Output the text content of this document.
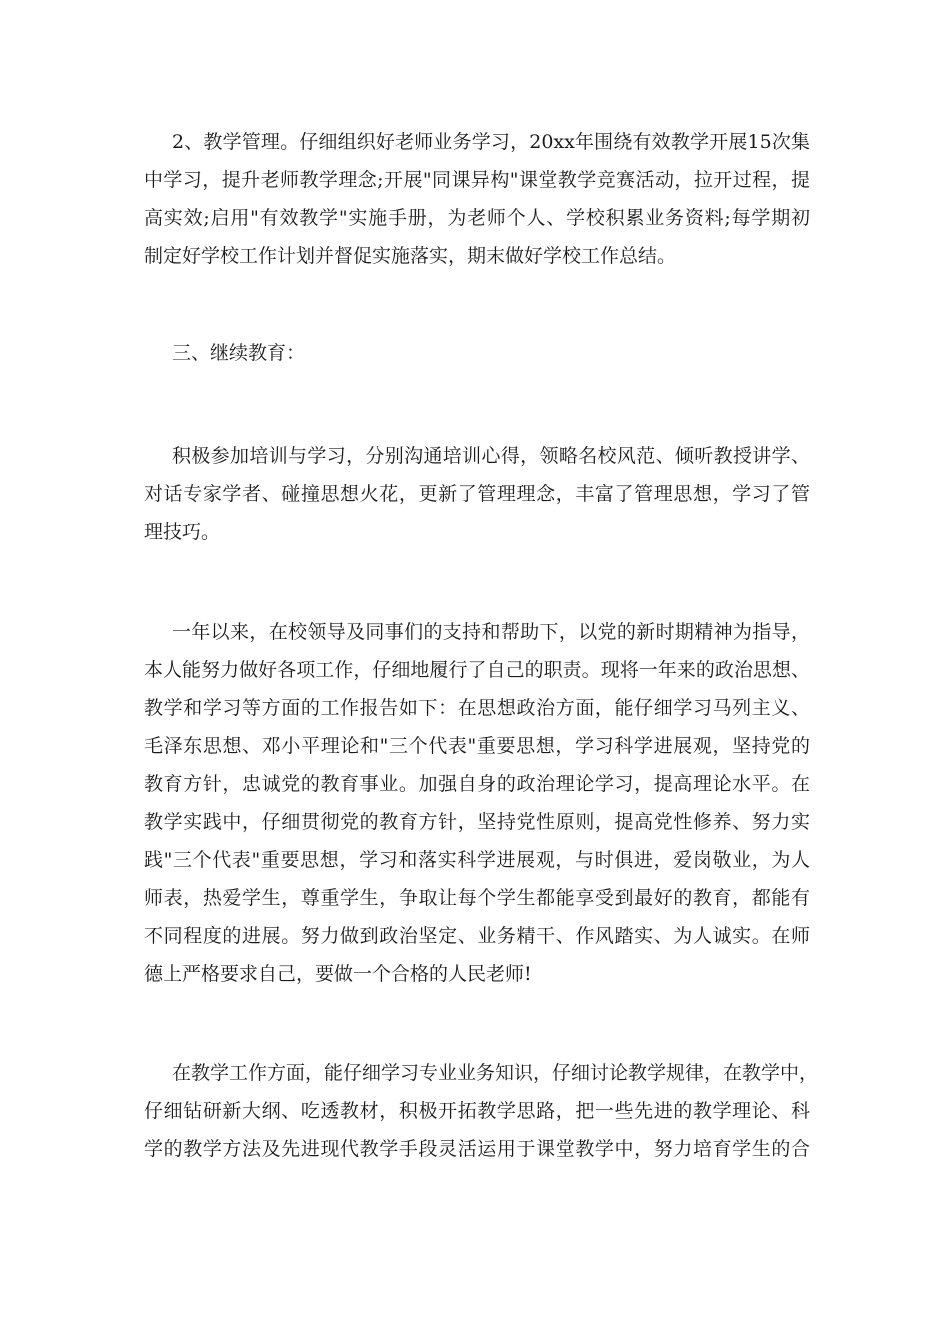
2、教学管理。仔细组织好老师业务学习，20xx年围绕有效教学开展15次集
中学习，提升老师教学理念;开展"同课异构"课堂教学竞赛活动，拉开过程，提
高实效;启用"有效教学"实施手册，为老师个人、学校积累业务资料;每学期初
制定好学校工作计划并督促实施落实，期末做好学校工作总结。
三、继续教育：
积极参加培训与学习，分别沟通培训心得，领略名校风范、倾听教授讲学、
对话专家学者、碰撞思想火花，更新了管理理念，丰富了管理思想，学习了管
理技巧。
一年以来，在校领导及同事们的支持和帮助下，以党的新时期精神为指导，
本人能努力做好各项工作，仔细地履行了自己的职责。现将一年来的政治思想、
教学和学习等方面的工作报告如下：在思想政治方面，能仔细学习马列主义、
毛泽东思想、邓小平理论和"三个代表"重要思想，学习科学进展观，坚持党的
教育方针，忠诚党的教育事业。加强自身的政治理论学习，提高理论水平。在
教学实践中，仔细贯彻党的教育方针，坚持党性原则，提高党性修养、努力实
践"三个代表"重要思想，学习和落实科学进展观，与时俱进，爱岗敬业，为人
师表，热爱学生，尊重学生，争取让每个学生都能享受到最好的教育，都能有
不同程度的进展。努力做到政治坚定、业务精干、作风踏实、为人诚实。在师
德上严格要求自己，要做一个合格的人民老师!
在教学工作方面，能仔细学习专业业务知识，仔细讨论教学规律，在教学中，
仔细钻研新大纲、吃透教材，积极开拓教学思路，把一些先进的教学理论、科
学的教学方法及先进现代教学手段灵活运用于课堂教学中，努力培育学生的合
